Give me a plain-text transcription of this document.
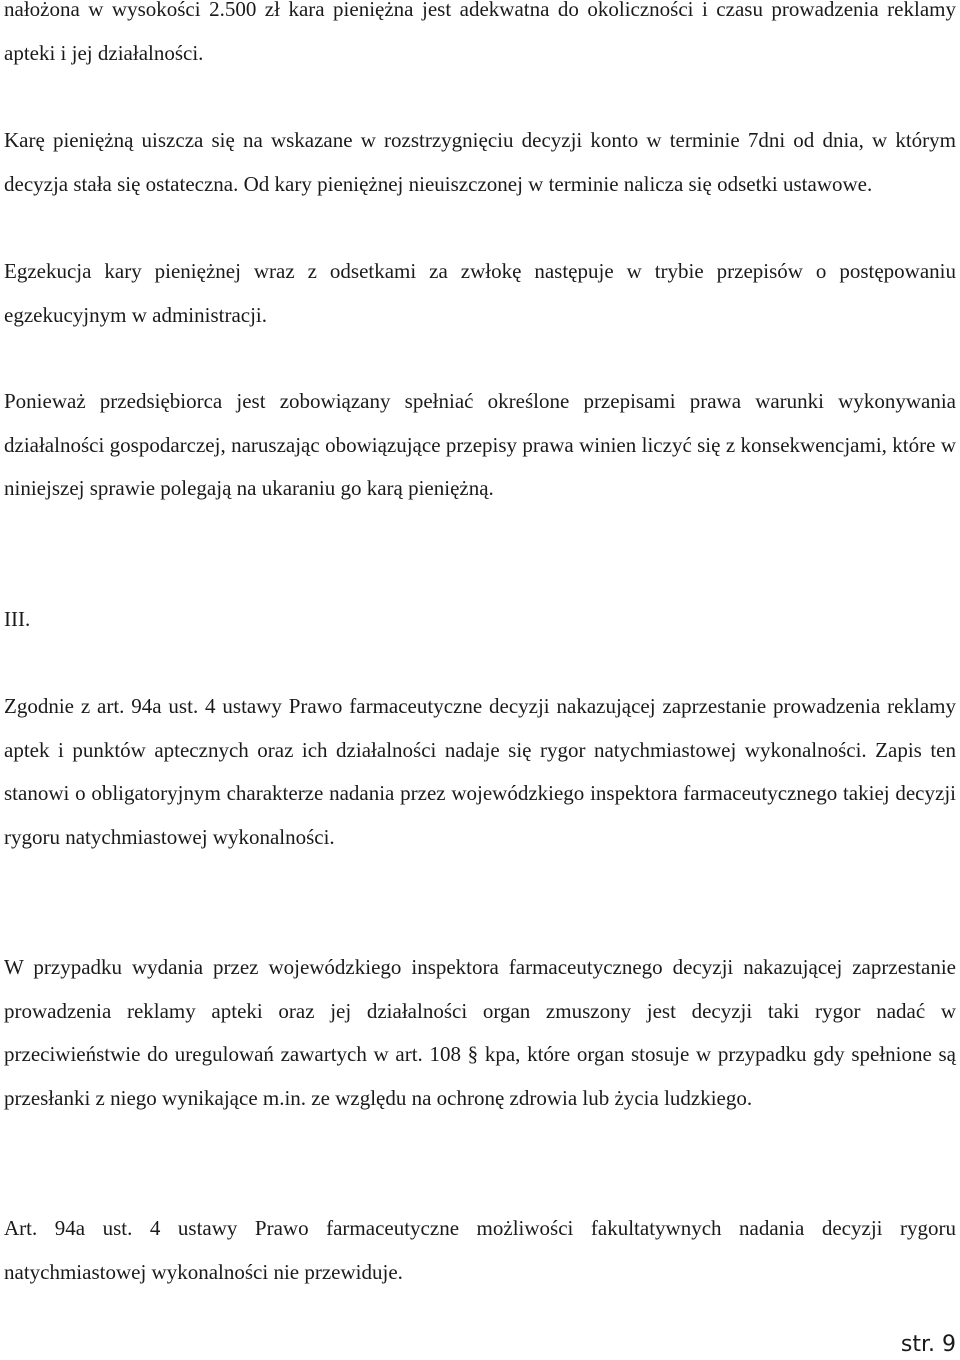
nałożona w wysokości 2.500 zł kara pieniężna jest adekwatna do okoliczności i czasu prowadzenia reklamy apteki i jej działalności.

Karę pieniężną uiszcza się na wskazane w rozstrzygnięciu decyzji konto w terminie 7dni od dnia, w którym decyzja stała się ostateczna. Od kary pieniężnej nieuiszczonej w terminie nalicza się odsetki ustawowe.

Egzekucja kary pieniężnej wraz z odsetkami za zwłokę następuje w trybie przepisów o postępowaniu egzekucyjnym w administracji.

Ponieważ przedsiębiorca jest zobowiązany spełniać określone przepisami prawa warunki wykonywania działalności gospodarczej, naruszając obowiązujące przepisy prawa winien liczyć się z konsekwencjami, które w niniejszej sprawie polegają na ukaraniu go karą pieniężną.

III.

Zgodnie z art. 94a ust. 4 ustawy Prawo farmaceutyczne decyzji nakazującej zaprzestanie prowadzenia reklamy aptek i punktów aptecznych oraz ich działalności nadaje się rygor natychmiastowej wykonalności. Zapis ten stanowi o obligatoryjnym charakterze nadania przez wojewódzkiego inspektora farmaceutycznego takiej decyzji rygoru natychmiastowej wykonalności.

W przypadku wydania przez wojewódzkiego inspektora farmaceutycznego decyzji nakazującej zaprzestanie prowadzenia reklamy apteki oraz jej działalności organ zmuszony jest decyzji taki rygor nadać w przeciwieństwie do uregulowań zawartych w art. 108 § kpa, które organ stosuje w przypadku gdy spełnione są przesłanki z niego wynikające m.in. ze względu na ochronę zdrowia lub życia ludzkiego.

Art. 94a ust. 4 ustawy Prawo farmaceutyczne możliwości fakultatywnych nadania decyzji rygoru natychmiastowej wykonalności nie przewiduje.

str. 9
